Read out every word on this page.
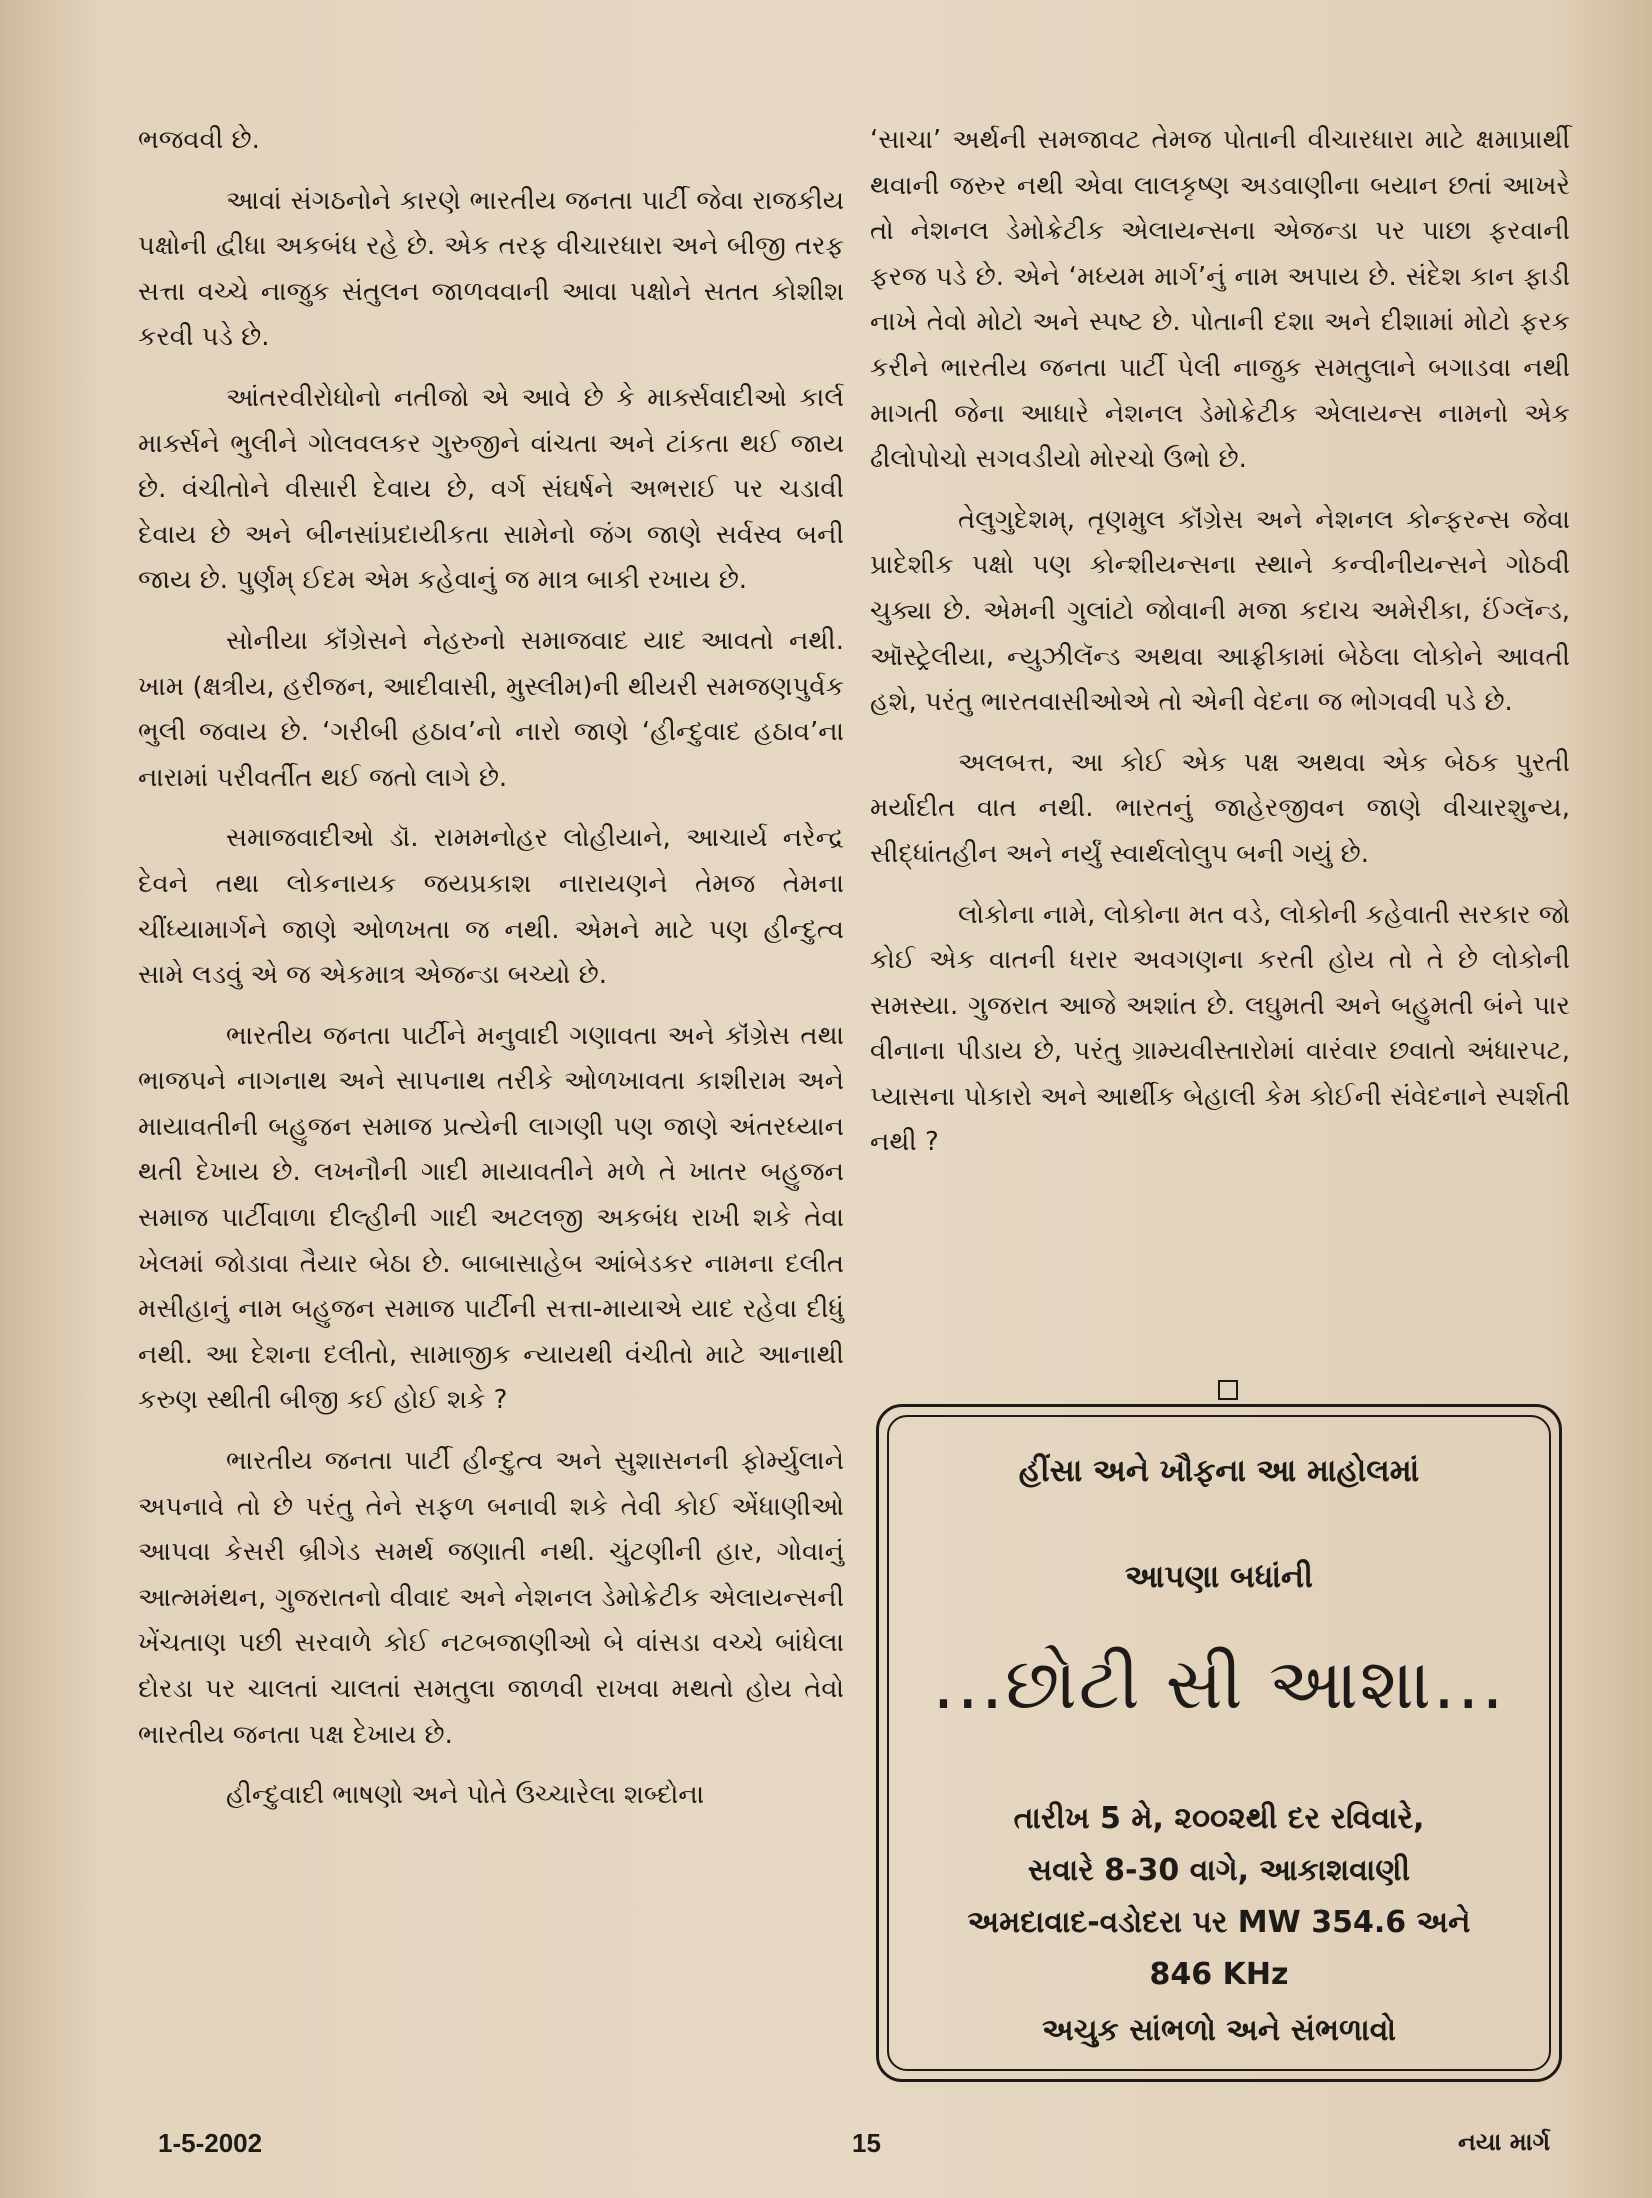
ભજવવી છે.

આવાં સંગઠનોને કારણે ભારતીય જનતા પાર્ટી જેવા રાજકીય પક્ષોની દ્વીધા અકબંધ રહે છે. એક તરફ વીચારધારા અને બીજી તરફ સત્તા વચ્ચે નાજુક સંતુલન જાળવવાની આવા પક્ષોને સતત કોશીશ કરવી પડે છે.

આંતરવીરોધોનો નતીજો એ આવે છે કે માર્ક્સવાદીઓ કાર્લ માર્ક્સને ભુલીને ગોલવલકર ગુરુજીને વાંચતા અને ટાંકતા થઈ જાય છે. વંચીતોને વીસારી દેવાય છે, વર્ગ સંઘર્ષને અભરાઈ પર ચડાવી દેવાય છે અને બીનસાંપ્રદાયીકતા સામેનો જંગ જાણે સર્વસ્વ બની જાય છે. પુર્ણમ્ ઈદમ એમ કહેવાનું જ માત્ર બાકી રખાય છે.

સોનીયા કૉંગ્રેસને નેહરુનો સમાજવાદ યાદ આવતો નથી. ખામ (ક્ષત્રીય, હરીજન, આદીવાસી, મુસ્લીમ)ની થીયરી સમજણપુર્વક ભુલી જવાય છે. ‘ગરીબી હઠાવ’નો નારો જાણે ‘હીન્દુવાદ હઠાવ’ના નારામાં પરીવર્તીત થઈ જતો લાગે છે.

સમાજવાદીઓ ડૉ. રામમનોહર લોહીયાને, આચાર્ય નરેન્દ્ર દેવને તથા લોકનાયક જયપ્રકાશ નારાયણને તેમજ તેમના ચીંધ્યામાર્ગને જાણે ઓળખતા જ નથી. એમને માટે પણ હીન્દુત્વ સામે લડવું એ જ એકમાત્ર એજન્ડા બચ્યો છે.

ભારતીય જનતા પાર્ટીને મનુવાદી ગણાવતા અને કૉંગ્રેસ તથા ભાજપને નાગનાથ અને સાપનાથ તરીકે ઓળખાવતા કાશીરામ અને માયાવતીની બહુજન સમાજ પ્રત્યેની લાગણી પણ જાણે અંતરધ્યાન થતી દેખાય છે. લખનૌની ગાદી માયાવતીને મળે તે ખાતર બહુજન સમાજ પાર્ટીવાળા દીલ્હીની ગાદી અટલજી અકબંધ રાખી શકે તેવા ખેલમાં જોડાવા તૈયાર બેઠા છે. બાબાસાહેબ આંબેડકર નામના દલીત મસીહાનું નામ બહુજન સમાજ પાર્ટીની સત્તા-માયાએ યાદ રહેવા દીધું નથી. આ દેશના દલીતો, સામાજીક ન્યાયથી વંચીતો માટે આનાથી કરુણ સ્થીતી બીજી કઈ હોઈ શકે ?

ભારતીય જનતા પાર્ટી હીન્દુત્વ અને સુશાસનની ફોર્મ્યુલાને અપનાવે તો છે પરંતુ તેને સફળ બનાવી શકે તેવી કોઈ એંધાણીઓ આપવા કેસરી બ્રીગેડ સમર્થ જણાતી નથી. ચુંટણીની હાર, ગોવાનું આત્મમંથન, ગુજરાતનો વીવાદ અને નેશનલ ડેમોક્રેટીક એલાયન્સની ખેંચતાણ પછી સરવાળે કોઈ નટબજાણીઓ બે વાંસડા વચ્ચે બાંધેલા દોરડા પર ચાલતાં ચાલતાં સમતુલા જાળવી રાખવા મથતો હોય તેવો ભારતીય જનતા પક્ષ દેખાય છે.

હીન્દુવાદી ભાષણો અને પોતે ઉચ્ચારેલા શબ્દોના

‘સાચા’ અર્થની સમજાવટ તેમજ પોતાની વીચારધારા માટે ક્ષમાપ્રાર્થી થવાની જરુર નથી એવા લાલકૃષ્ણ અડવાણીના બયાન છતાં આખરે તો નેશનલ ડેમોક્રેટીક એલાયન્સના એજન્ડા પર પાછા ફરવાની ફરજ પડે છે. એને ‘મધ્યમ માર્ગ’નું નામ અપાય છે. સંદેશ કાન ફાડી નાખે તેવો મોટો અને સ્પષ્ટ છે. પોતાની દશા અને દીશામાં મોટો ફરક કરીને ભારતીય જનતા પાર્ટી પેલી નાજુક સમતુલાને બગાડવા નથી માગતી જેના આધારે નેશનલ ડેમોક્રેટીક એલાયન્સ નામનો એક ઢીલોપોચો સગવડીયો મોરચો ઉભો છે.

તેલુગુદેશમ્, તૃણમુલ કૉંગ્રેસ અને નેશનલ કોન્ફરન્સ જેવા પ્રાદેશીક પક્ષો પણ કોન્શીયન્સના સ્થાને કન્વીનીયન્સને ગોઠવી ચુક્યા છે. એમની ગુલાંટો જોવાની મજા કદાચ અમેરીકા, ઈંગ્લૅન્ડ, ઑસ્ટ્રેલીયા, ન્યુઝીલૅન્ડ અથવા આફ્રીકામાં બેઠેલા લોકોને આવતી હશે, પરંતુ ભારતવાસીઓએ તો એની વેદના જ ભોગવવી પડે છે.

અલબત્ત, આ કોઈ એક પક્ષ અથવા એક બેઠક પુરતી મર્યાદીત વાત નથી. ભારતનું જાહેરજીવન જાણે વીચારશુન્ય, સીદ્ધાંતહીન અને નર્યું સ્વાર્થલોલુપ બની ગયું છે.

લોકોના નામે, લોકોના મત વડે, લોકોની કહેવાતી સરકાર જો કોઈ એક વાતની ધરાર અવગણના કરતી હોય તો તે છે લોકોની સમસ્યા. ગુજરાત આજે અશાંત છે. લઘુમતી અને બહુમતી બંને પાર વીનાના પીડાય છે, પરંતુ ગ્રામ્યવીસ્તારોમાં વારંવાર છવાતો અંધારપટ, પ્યાસના પોકારો અને આર્થીક બેહાલી કેમ કોઈની સંવેદનાને સ્પર્શતી નથી ?

હીંસા અને ખૌફના આ માહોલમાં
આપણા બધાંની
...છોટી સી આશા...
તારીખ 5 મે, ૨૦૦૨થી દર રવિવારે,
સવારે 8-30 વાગે, આકાશવાણી
અમદાવાદ-વડોદરા પર MW 354.6 અને
846 KHz
અચુક સાંભળો અને સંભળાવો
1-5-2002	15	નયા માર્ગ
